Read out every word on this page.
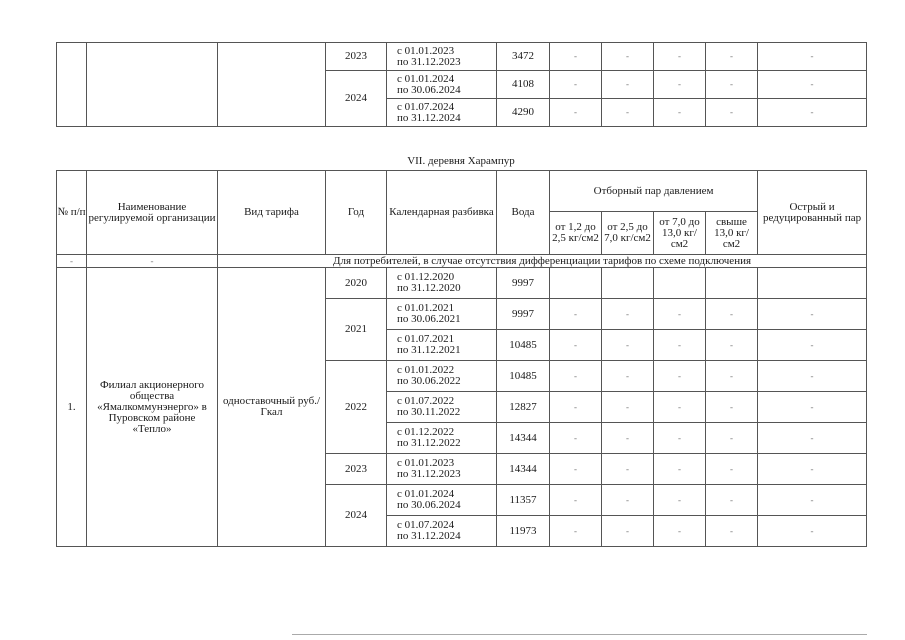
			2023	с 01.01.2023
по 31.12.2023	3472	-	-	-	-	-
			2024	с 01.01.2024
по 30.06.2024	4108	-	-	-	-	-

				с 01.07.2024
по 31.12.2024	4290	-	-	-	-	-
VII. деревня Харампур
№ п/п	Наименование регулируемой организации	Вид тарифа	Год	Календарная разбивка	Вода	Отборный пар давлением				Острый и редуцированный пар
						от 1,2 до 2,5 кг/см2	от 2,5 до 7,0 кг/см2	от 7,0 до 13,0 кг/см2	свыше 13,0 кг/см2	
-	-	Для потребителей, в случае отсутствия дифференциации тарифов по схеме подключения								
1.	Филиал акционерного общества «Ямалкоммунэнерго» в Пуровском районе «Тепло»	одноставочный руб./Гкал	2020	с 01.12.2020
по 31.12.2020	9997					
			2021	с 01.01.2021
по 30.06.2021	9997	-	-	-	-	-

				с 01.07.2021
по 31.12.2021	10485	-	-	-	-	-
			2022	с 01.01.2022
по 30.06.2022	10485	-	-	-	-	-

				с 01.07.2022
по 30.11.2022	12827	-	-	-	-	-

				с 01.12.2022
по 31.12.2022	14344	-	-	-	-	-
			2023	с 01.01.2023
по 31.12.2023	14344	-	-	-	-	-
			2024	с 01.01.2024
по 30.06.2024	11357	-	-	-	-	-

				с 01.07.2024
по 31.12.2024	11973	-	-	-	-	-
